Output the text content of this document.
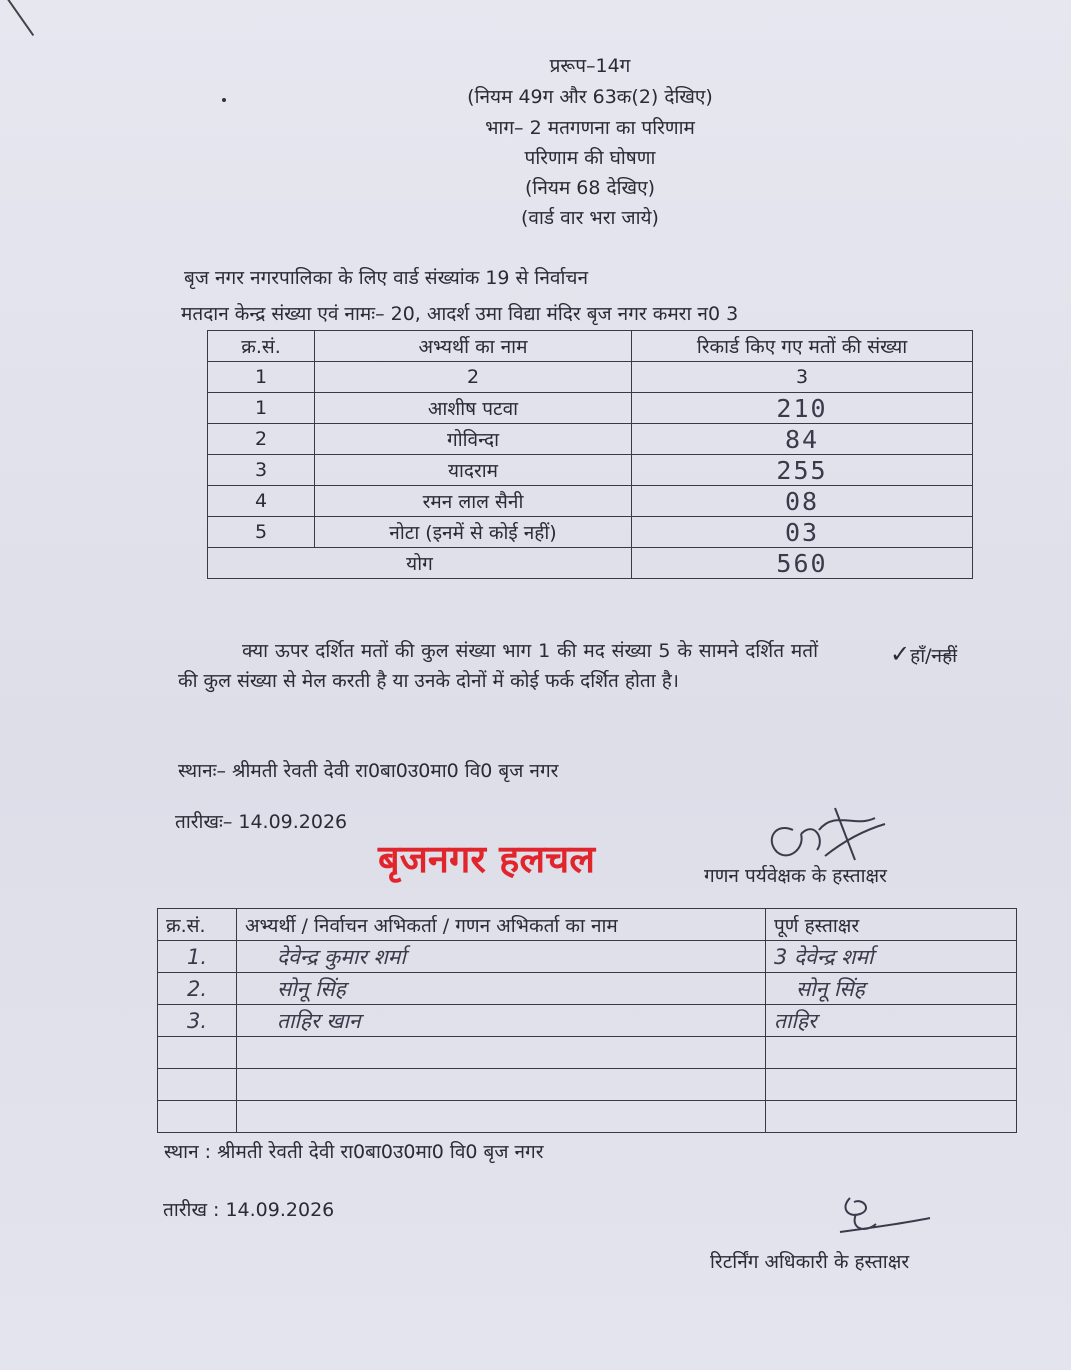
प्ररूप–14ग
(नियम 49ग और 63क(2) देखिए)
भाग– 2 मतगणना का परिणाम
परिणाम की घोषणा
(नियम 68 देखिए)
(वार्ड वार भरा जाये)
बृज नगर नगरपालिका के लिए वार्ड संख्यांक 19 से निर्वाचन
मतदान केन्द्र संख्या एवं नामः– 20, आदर्श उमा विद्या मंदिर बृज नगर कमरा न0 3
क्र.सं.	अभ्यर्थी का नाम	रिकार्ड किए गए मतों की संख्या
1	2	3
1	आशीष पटवा	210
2	गोविन्दा	84
3	यादराम	255
4	रमन लाल सैनी	08
5	नोटा (इनमें से कोई नहीं)	03
योग		560
क्या ऊपर दर्शित मतों की कुल संख्या भाग 1 की मद संख्या 5 के सामने दर्शित मतों की कुल संख्या से मेल करती है या उनके दोनों में कोई फर्क दर्शित होता है।
✓हाँ/नहीं
स्थानः– श्रीमती रेवती देवी रा0बा0उ0मा0 वि0 बृज नगर
तारीखः– 14.09.2026
बृजनगर हलचल	गणन पर्यवेक्षक के हस्ताक्षर
क्र.सं.	अभ्यर्थी / निर्वाचन अभिकर्ता / गणन अभिकर्ता का नाम	पूर्ण हस्ताक्षर
1.	देवेन्द्र कुमार शर्मा	3 देवेन्द्र शर्मा
2.	सोनू सिंह	सोनू सिंह
3.	ताहिर खान	ताहिर

स्थान : श्रीमती रेवती देवी रा0बा0उ0मा0 वि0 बृज नगर
तारीख : 14.09.2026
रिटर्निंग अधिकारी के हस्ताक्षर
